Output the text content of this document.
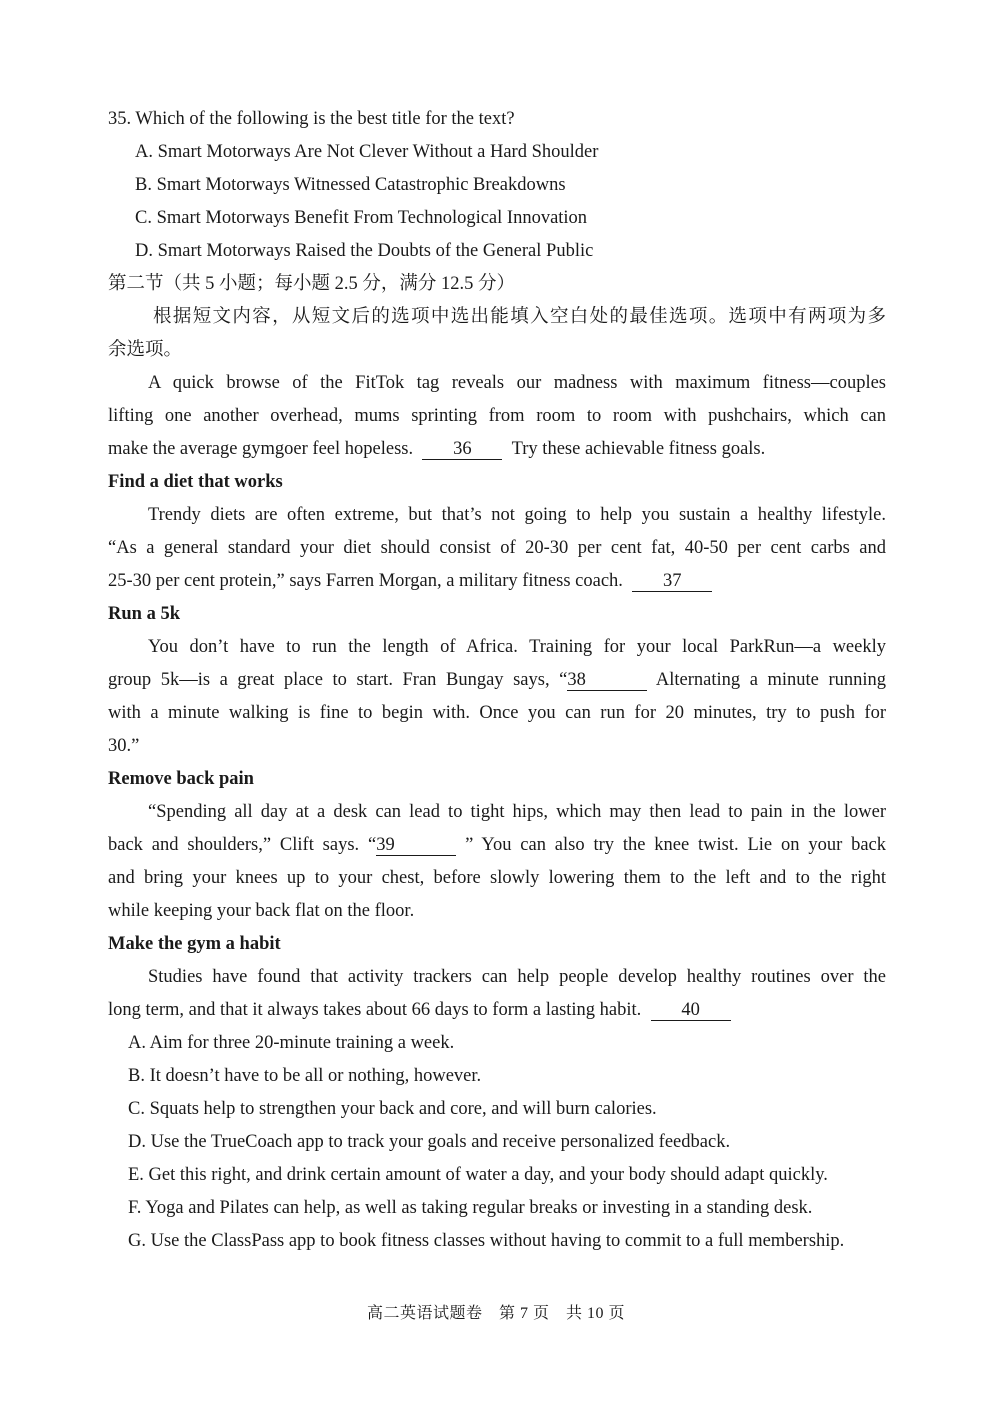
35. Which of the following is the best title for the text?
A. Smart Motorways Are Not Clever Without a Hard Shoulder
B. Smart Motorways Witnessed Catastrophic Breakdowns
C. Smart Motorways Benefit From Technological Innovation
D. Smart Motorways Raised the Doubts of the General Public
第二节（共 5 小题；每小题 2.5 分，满分 12.5 分）
根据短文内容，从短文后的选项中选出能填入空白处的最佳选项。选项中有两项为多
余选项。
A quick browse of the FitTok tag reveals our madness with maximum fitness—couples
lifting one another overhead, mums sprinting from room to room with pushchairs, which can
make the average gymgoer feel hopeless. 36 Try these achievable fitness goals.
Find a diet that works
Trendy diets are often extreme, but that’s not going to help you sustain a healthy lifestyle.
“As a general standard your diet should consist of 20-30 per cent fat, 40-50 per cent carbs and
25-30 per cent protein,” says Farren Morgan, a military fitness coach. 37
Run a 5k
You don’t have to run the length of Africa. Training for your local ParkRun—a weekly
group 5k—is a great place to start. Fran Bungay says, “38	Alternating a minute running
with a minute walking is fine to begin with. Once you can run for 20 minutes, try to push for
30.”
Remove back pain
“Spending all day at a desk can lead to tight hips, which may then lead to pain in the lower
back and shoulders,” Clift says. “39	” You can also try the knee twist. Lie on your back
and bring your knees up to your chest, before slowly lowering them to the left and to the right
while keeping your back flat on the floor.
Make the gym a habit
Studies have found that activity trackers can help people develop healthy routines over the
long term, and that it always takes about 66 days to form a lasting habit. 40
A. Aim for three 20-minute training a week.
B. It doesn’t have to be all or nothing, however.
C. Squats help to strengthen your back and core, and will burn calories.
D. Use the TrueCoach app to track your goals and receive personalized feedback.
E. Get this right, and drink certain amount of water a day, and your body should adapt quickly.
F. Yoga and Pilates can help, as well as taking regular breaks or investing in a standing desk.
G. Use the ClassPass app to book fitness classes without having to commit to a full membership.
高二英语试题卷　第 7 页　共 10 页
